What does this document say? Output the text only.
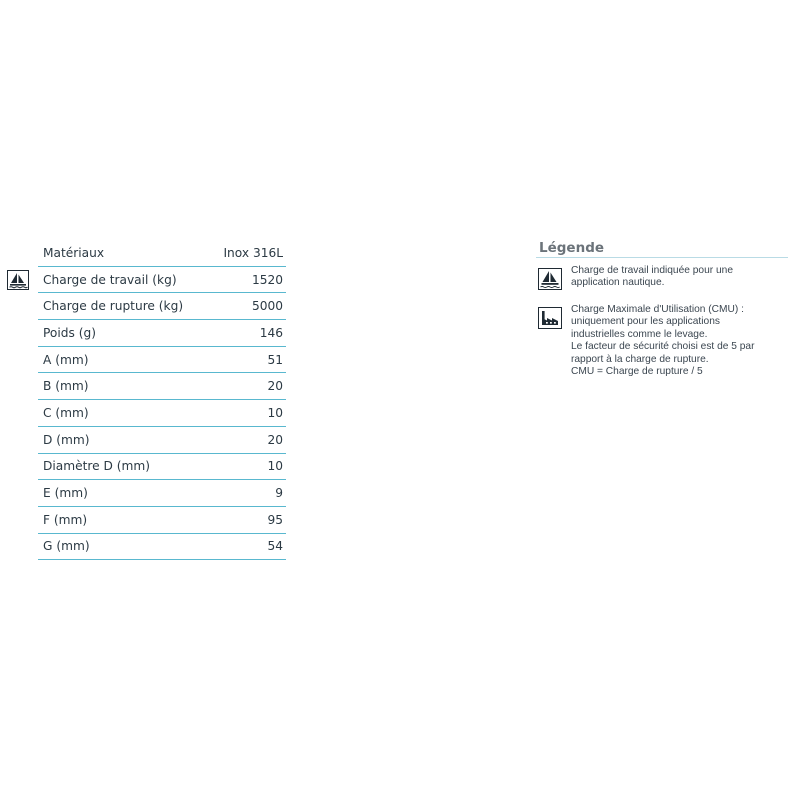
Matériaux	Inox 316L
Charge de travail (kg)	1520
Charge de rupture (kg)	5000
Poids (g)	146
A (mm)	51
B (mm)	20
C (mm)	10
D (mm)	20
Diamètre D (mm)	10
E (mm)	9
F (mm)	95
G (mm)	54
Légende
Charge de travail indiquée pour une
application nautique.
Charge Maximale d'Utilisation (CMU) :
uniquement pour les applications
industrielles comme le levage.
Le facteur de sécurité choisi est de 5 par
rapport à la charge de rupture.
CMU = Charge de rupture / 5
